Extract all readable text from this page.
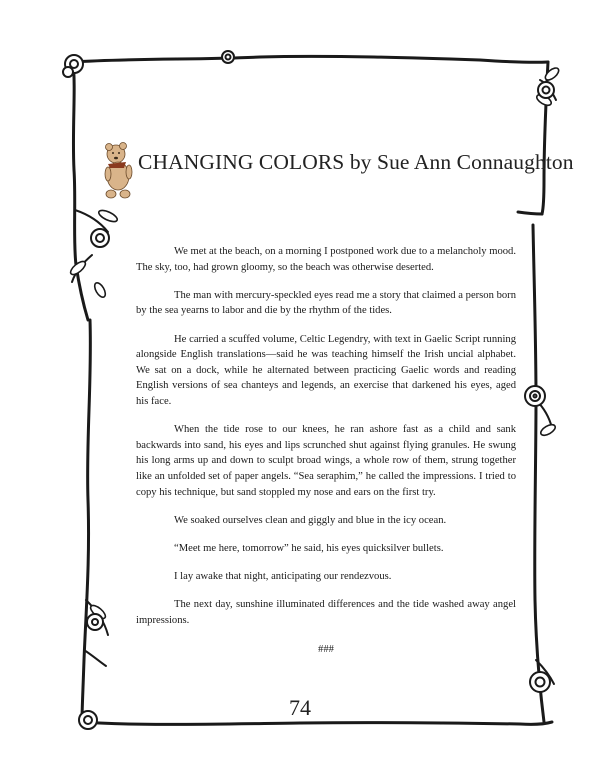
CHANGING COLORS by Sue Ann Connaughton

We met at the beach, on a morning I postponed work due to a melancholy mood. The sky, too, had grown gloomy, so the beach was otherwise deserted.

The man with mercury-speckled eyes read me a story that claimed a person born by the sea yearns to labor and die by the rhythm of the tides.

He carried a scuffed volume, Celtic Legendry, with text in Gaelic Script running alongside English translations—said he was teaching himself the Irish uncial alphabet. We sat on a dock, while he alternated between practicing Gaelic words and reading English versions of sea chanteys and legends, an exercise that darkened his eyes, aged his face.

When the tide rose to our knees, he ran ashore fast as a child and sank backwards into sand, his eyes and lips scrunched shut against flying granules. He swung his long arms up and down to sculpt broad wings, a whole row of them, strung together like an unfolded set of paper angels. “Sea seraphim,” he called the impressions. I tried to copy his technique, but sand stoppled my nose and ears on the first try.

We soaked ourselves clean and giggly and blue in the icy ocean.

“Meet me here, tomorrow” he said, his eyes quicksilver bullets.

I lay awake that night, anticipating our rendezvous.

The next day, sunshine illuminated differences and the tide washed away angel impressions.

###

74
